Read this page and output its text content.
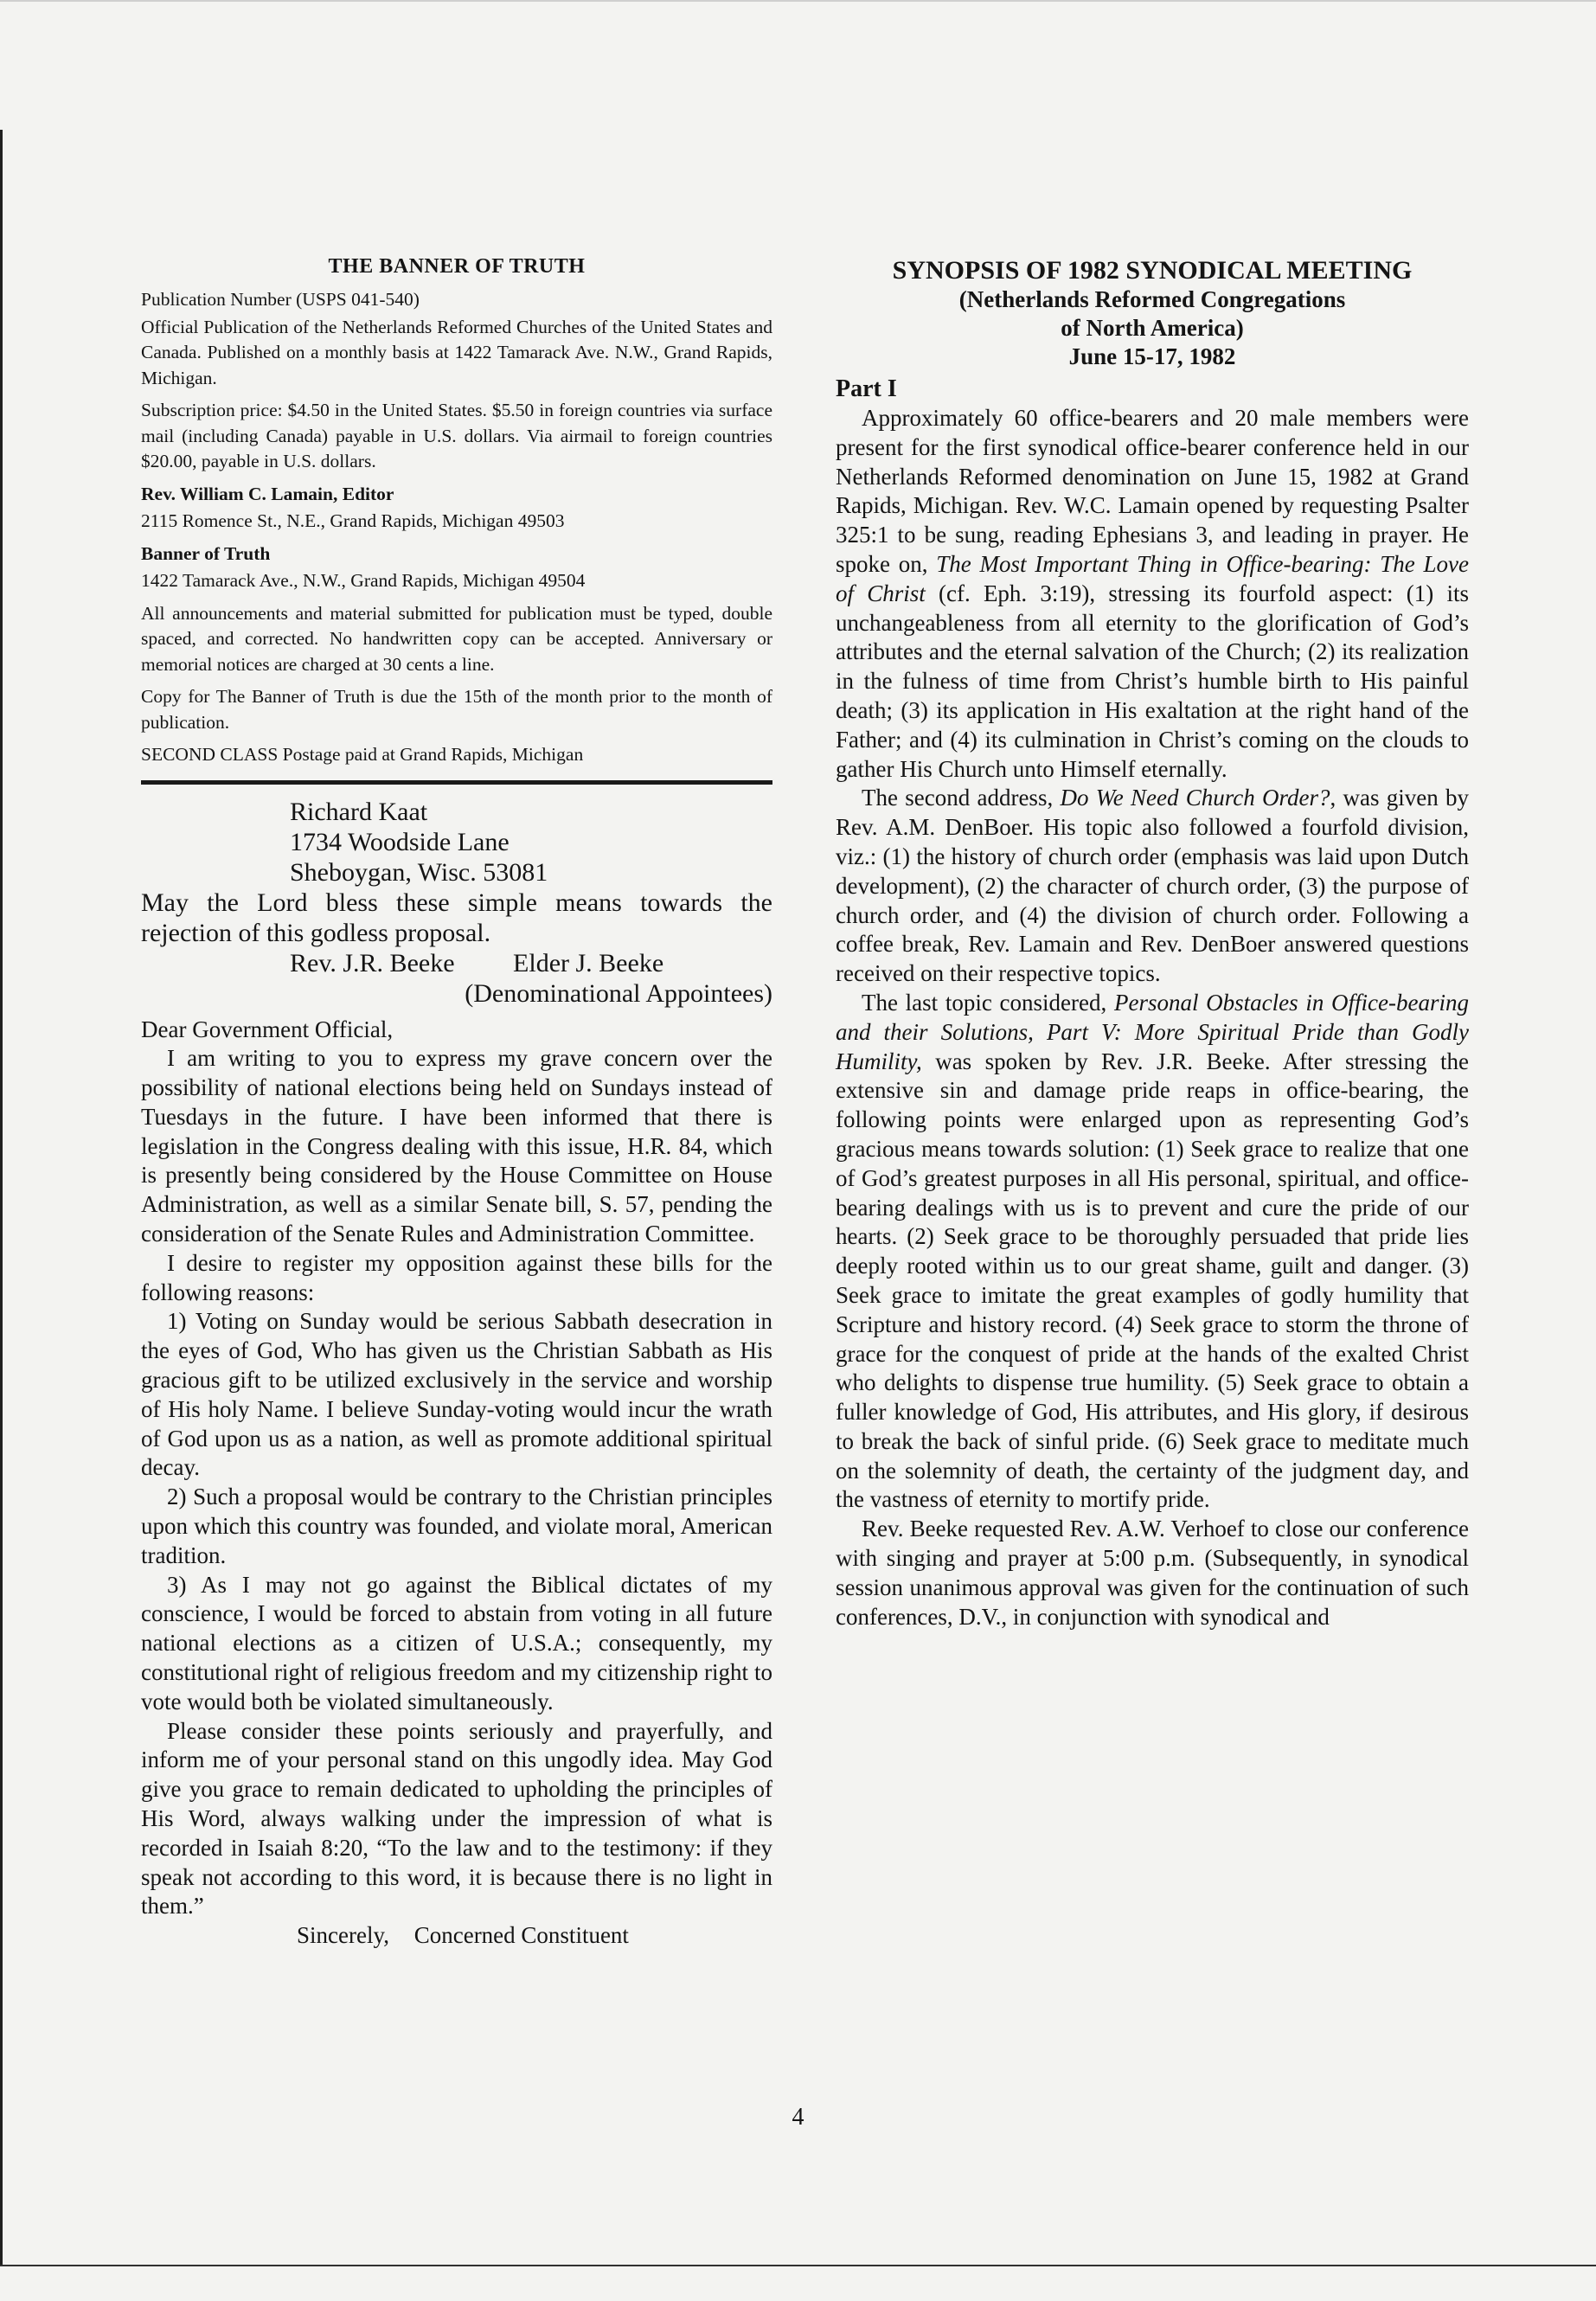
THE BANNER OF TRUTH

Publication Number (USPS 041-540)

Official Publication of the Netherlands Reformed Churches of the United States and Canada. Published on a monthly basis at 1422 Tamarack Ave. N.W., Grand Rapids, Michigan.

Subscription price: $4.50 in the United States. $5.50 in foreign countries via surface mail (including Canada) payable in U.S. dollars. Via airmail to foreign countries $20.00, payable in U.S. dollars.

Rev. William C. Lamain, Editor

2115 Romence St., N.E., Grand Rapids, Michigan 49503

Banner of Truth

1422 Tamarack Ave., N.W., Grand Rapids, Michigan 49504

All announcements and material submitted for publication must be typed, double spaced, and corrected. No handwritten copy can be accepted. Anniversary or memorial notices are charged at 30 cents a line.

Copy for The Banner of Truth is due the 15th of the month prior to the month of publication.

SECOND CLASS Postage paid at Grand Rapids, Michigan

Richard Kaat
1734 Woodside Lane
Sheboygan, Wisc. 53081

May the Lord bless these simple means towards the rejection of this godless proposal.

Rev. J.R. Beeke Elder J. Beeke

(Denominational Appointees)

Dear Government Official,

I am writing to you to express my grave concern over the possibility of national elections being held on Sundays instead of Tuesdays in the future. I have been informed that there is legislation in the Congress dealing with this issue, H.R. 84, which is presently being considered by the House Committee on House Administration, as well as a similar Senate bill, S. 57, pending the consideration of the Senate Rules and Administration Committee.

I desire to register my opposition against these bills for the following reasons:

1) Voting on Sunday would be serious Sabbath desecration in the eyes of God, Who has given us the Christian Sabbath as His gracious gift to be utilized exclusively in the service and worship of His holy Name. I believe Sunday-voting would incur the wrath of God upon us as a nation, as well as promote additional spiritual decay.

2) Such a proposal would be contrary to the Christian principles upon which this country was founded, and violate moral, American tradition.

3) As I may not go against the Biblical dictates of my conscience, I would be forced to abstain from voting in all future national elections as a citizen of U.S.A.; consequently, my constitutional right of religious freedom and my citizenship right to vote would both be violated simultaneously.

Please consider these points seriously and prayerfully, and inform me of your personal stand on this ungodly idea. May God give you grace to remain dedicated to upholding the principles of His Word, always walking under the impression of what is recorded in Isaiah 8:20, “To the law and to the testimony: if they speak not according to this word, it is because there is no light in them.”

Sincerely, Concerned Constituent

SYNOPSIS OF 1982 SYNODICAL MEETING
(Netherlands Reformed Congregations
of North America)
June 15-17, 1982
Part I

Approximately 60 office-bearers and 20 male members were present for the first synodical office-bearer conference held in our Netherlands Reformed denomination on June 15, 1982 at Grand Rapids, Michigan. Rev. W.C. Lamain opened by requesting Psalter 325:1 to be sung, reading Ephesians 3, and leading in prayer. He spoke on, The Most Important Thing in Office-bearing: The Love of Christ (cf. Eph. 3:19), stressing its fourfold aspect: (1) its unchangeableness from all eternity to the glorification of God’s attributes and the eternal salvation of the Church; (2) its realization in the fulness of time from Christ’s humble birth to His painful death; (3) its application in His exaltation at the right hand of the Father; and (4) its culmination in Christ’s coming on the clouds to gather His Church unto Himself eternally.

The second address, Do We Need Church Order?, was given by Rev. A.M. DenBoer. His topic also followed a fourfold division, viz.: (1) the history of church order (emphasis was laid upon Dutch development), (2) the character of church order, (3) the purpose of church order, and (4) the division of church order. Following a coffee break, Rev. Lamain and Rev. DenBoer answered questions received on their respective topics.

The last topic considered, Personal Obstacles in Office-bearing and their Solutions, Part V: More Spiritual Pride than Godly Humility, was spoken by Rev. J.R. Beeke. After stressing the extensive sin and damage pride reaps in office-bearing, the following points were enlarged upon as representing God’s gracious means towards solution: (1) Seek grace to realize that one of God’s greatest purposes in all His personal, spiritual, and office-bearing dealings with us is to prevent and cure the pride of our hearts. (2) Seek grace to be thoroughly persuaded that pride lies deeply rooted within us to our great shame, guilt and danger. (3) Seek grace to imitate the great examples of godly humility that Scripture and history record. (4) Seek grace to storm the throne of grace for the conquest of pride at the hands of the exalted Christ who delights to dispense true humility. (5) Seek grace to obtain a fuller knowledge of God, His attributes, and His glory, if desirous to break the back of sinful pride. (6) Seek grace to meditate much on the solemnity of death, the certainty of the judgment day, and the vastness of eternity to mortify pride.

Rev. Beeke requested Rev. A.W. Verhoef to close our conference with singing and prayer at 5:00 p.m. (Subsequently, in synodical session unanimous approval was given for the continuation of such conferences, D.V., in conjunction with synodical and

4
